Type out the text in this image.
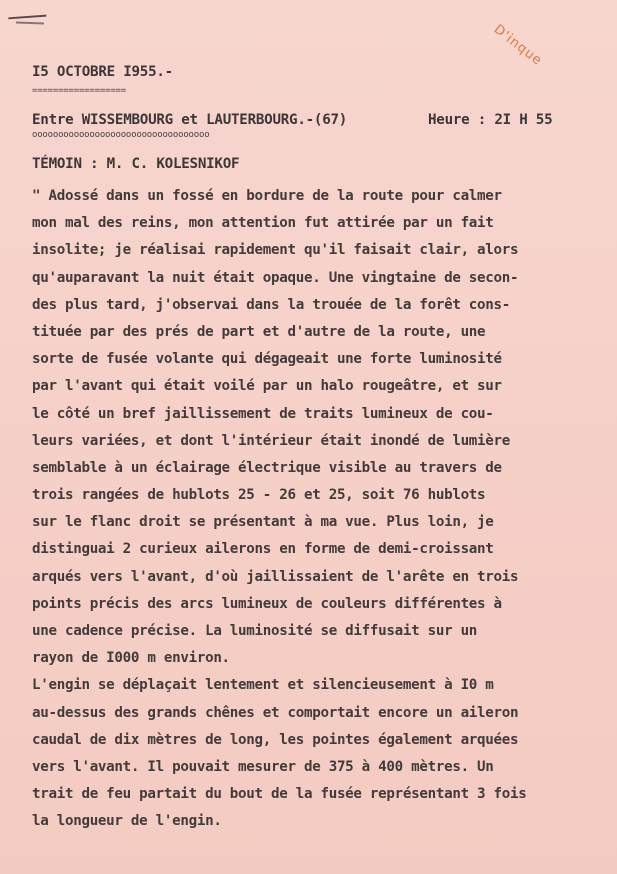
D'inque
I5 OCTOBRE I955.-
==================
Entre WISSEMBOURG et LAUTERBOURG.-(67)	Heure : 2I H 55
oooooooooooooooooooooooooooooooooo
TÉMOIN : M. C. KOLESNIKOF
" Adossé dans un fossé en bordure de la route pour calmer
mon mal des reins, mon attention fut attirée par un fait
insolite; je réalisai rapidement qu'il faisait clair, alors
qu'auparavant la nuit était opaque. Une vingtaine de secon-
des plus tard, j'observai dans la trouée de la forêt cons-
tituée par des prés de part et d'autre de la route, une
sorte de fusée volante qui dégageait une forte luminosité
par l'avant qui était voilé par un halo rougeâtre, et sur
le côté un bref jaillissement de traits lumineux de cou-
leurs variées, et dont l'intérieur était inondé de lumière
semblable à un éclairage électrique visible au travers de
trois rangées de hublots 25 - 26 et 25, soit 76 hublots
sur le flanc droit se présentant à ma vue. Plus loin, je
distinguai 2 curieux ailerons en forme de demi-croissant
arqués vers l'avant, d'où jaillissaient de l'arête en trois
points précis des arcs lumineux de couleurs différentes à
une cadence précise. La luminosité se diffusait sur un
rayon de I000 m environ.
L'engin se déplaçait lentement et silencieusement à I0 m
au-dessus des grands chênes et comportait encore un aileron
caudal de dix mètres de long, les pointes également arquées
vers l'avant. Il pouvait mesurer de 375 à 400 mètres. Un
trait de feu partait du bout de la fusée représentant 3 fois
la longueur de l'engin.
